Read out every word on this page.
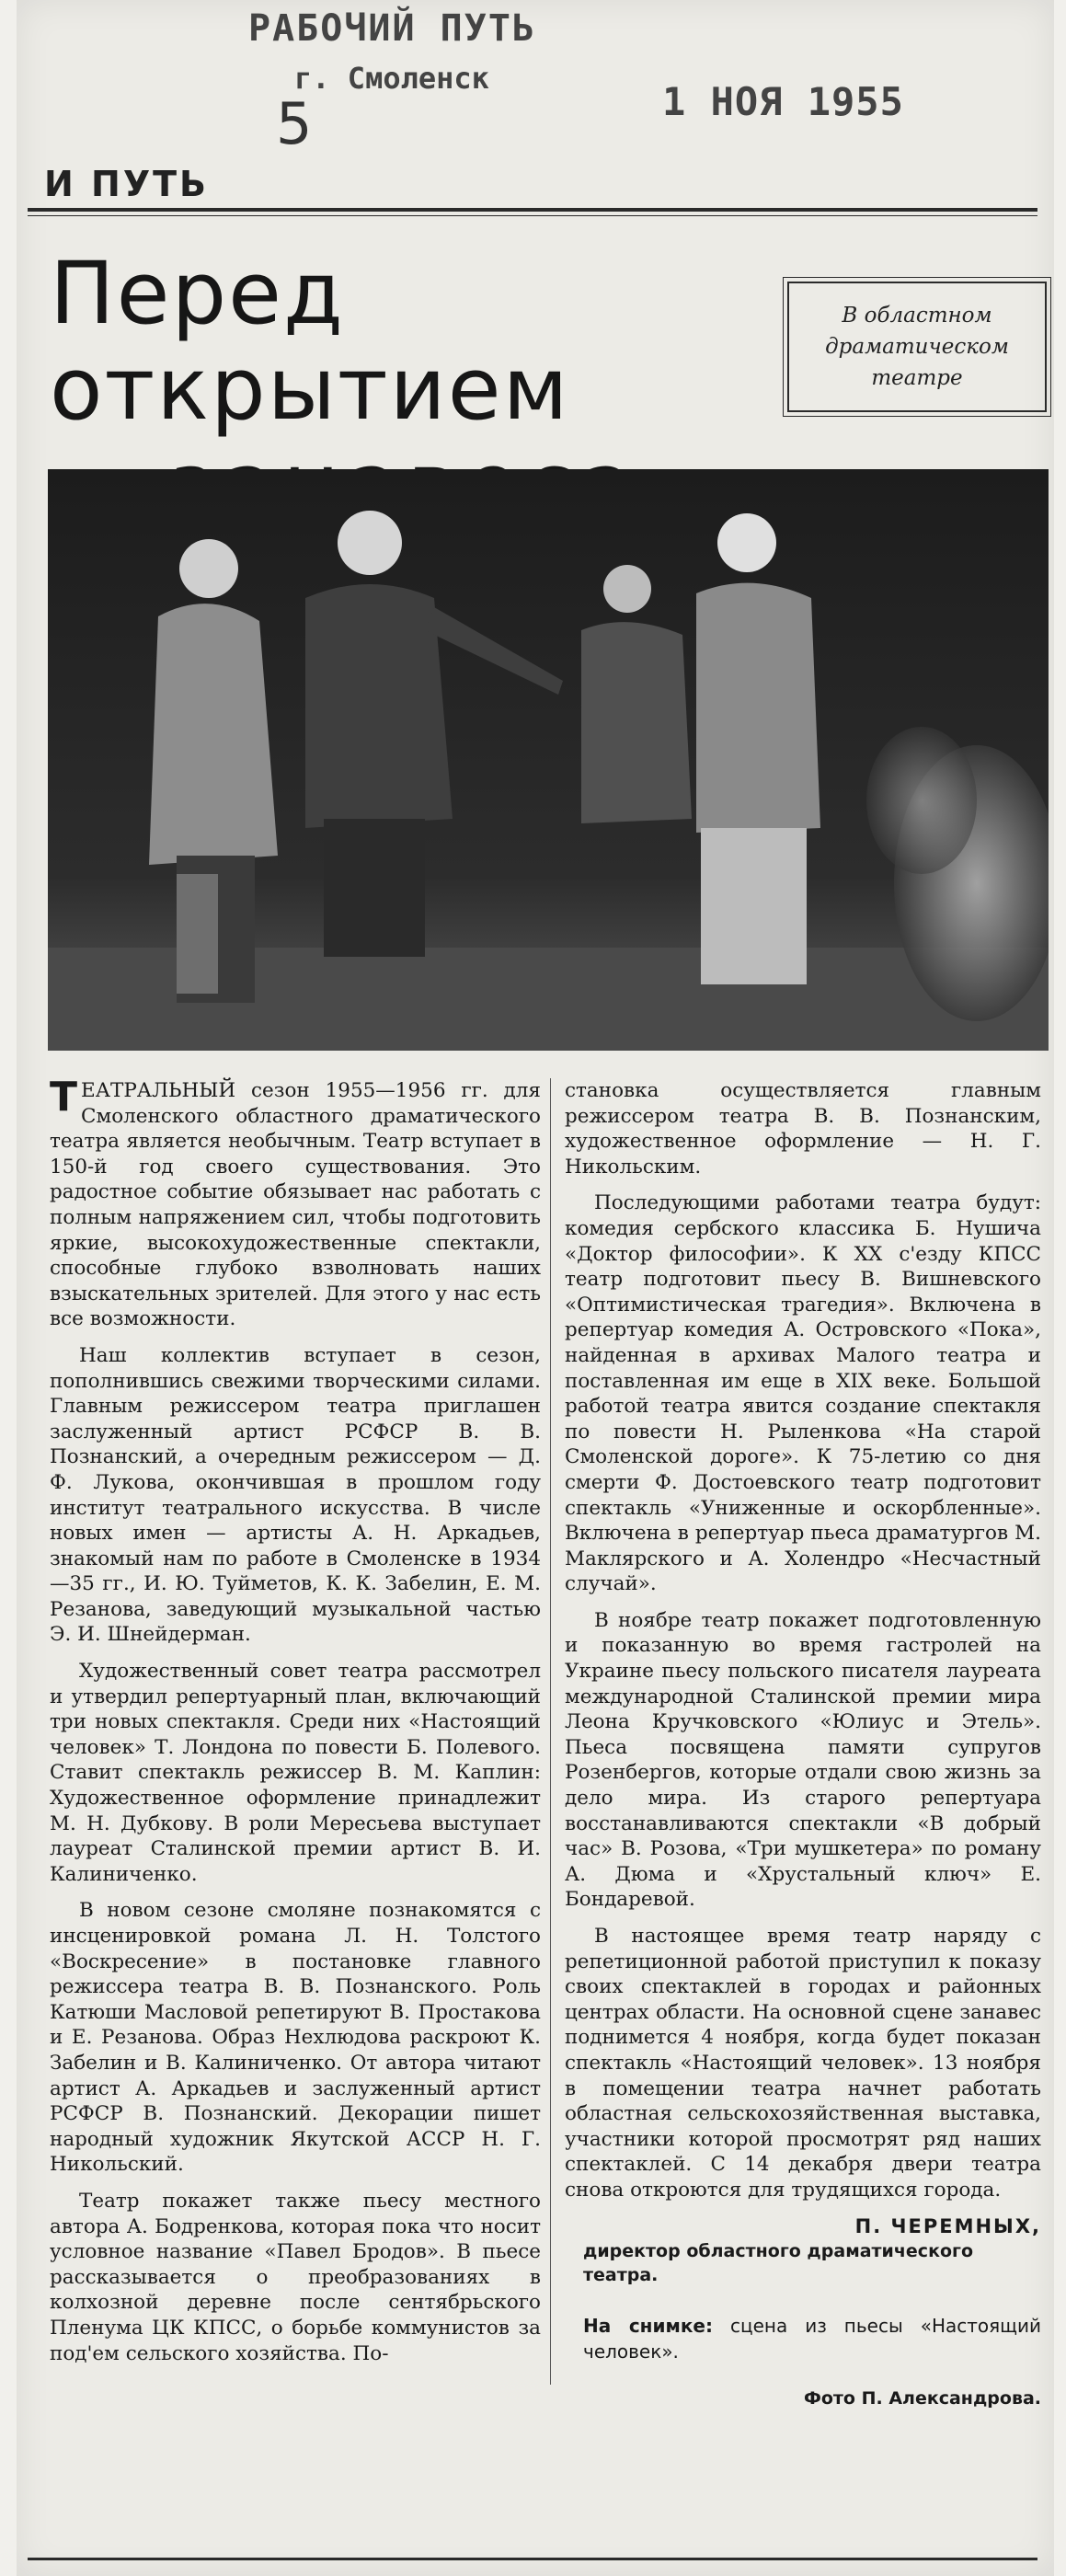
РАБОЧИЙ ПУТЬ
г. Смоленск
1 НОЯ 1955
5
И ПУТЬ
Перед открытием
В областном драматическом театре

ТЕАТРАЛЬНЫЙ сезон 1955—1956 гг. для Смоленского областного драматического театра является необычным. Театр вступает в 150-й год своего существования. Это радостное событие обязывает нас работать с полным напряжением сил, чтобы подготовить яркие, высокохудожественные спектакли, способные глубоко взволновать наших взыскательных зрителей. Для этого у нас есть все возможности.

Наш коллектив вступает в сезон, пополнившись свежими творческими силами. Главным режиссером театра приглашен заслуженный артист РСФСР В. В. Познанский, а очередным режиссером — Д. Ф. Лукова, окончившая в прошлом году институт театрального искусства. В числе новых имен — артисты А. Н. Аркадьев, знакомый нам по работе в Смоленске в 1934—35 гг., И. Ю. Туйметов, К. К. Забелин, Е. М. Резанова, заведующий музыкальной частью Э. И. Шнейдерман.

Художественный совет театра рассмотрел и утвердил репертуарный план, включающий три новых спектакля. Среди них «Настоящий человек» Т. Лондона по повести Б. Полевого. Ставит спектакль режиссер В. М. Каплин: Художественное оформление принадлежит М. Н. Дубкову. В роли Мересьева выступает лауреат Сталинской премии артист В. И. Калиниченко.

В новом сезоне смоляне познакомятся с инсценировкой романа Л. Н. Толстого «Воскресение» в постановке главного режиссера театра В. В. Познанского. Роль Катюши Масловой репетируют В. Простакова и Е. Резанова. Образ Нехлюдова раскроют К. Забелин и В. Калиниченко. От автора читают артист А. Аркадьев и заслуженный артист РСФСР В. Познанский. Декорации пишет народный художник Якутской АССР Н. Г. Никольский.

Театр покажет также пьесу местного автора А. Бодренкова, которая пока что носит условное название «Павел Бродов». В пьесе рассказывается о преобразованиях в колхозной деревне после сентябрьского Пленума ЦК КПСС, о борьбе коммунистов за под'ем сельского хозяйства. По-

становка осуществляется главным режиссером театра В. В. Познанским, художественное оформление — Н. Г. Никольским.

Последующими работами театра будут: комедия сербского классика Б. Нушича «Доктор философии». К XX с'езду КПСС театр подготовит пьесу В. Вишневского «Оптимистическая трагедия». Включена в репертуар комедия А. Островского «Пока», найденная в архивах Малого театра и поставленная им еще в XIX веке. Большой работой театра явится создание спектакля по повести Н. Рыленкова «На старой Смоленской дороге». К 75-летию со дня смерти Ф. Достоевского театр подготовит спектакль «Униженные и оскорбленные». Включена в репертуар пьеса драматургов М. Маклярского и А. Холендро «Несчастный случай».

В ноябре театр покажет подготовленную и показанную во время гастролей на Украине пьесу польского писателя лауреата международной Сталинской премии мира Леона Кручковского «Юлиус и Этель». Пьеса посвящена памяти супругов Розенбергов, которые отдали свою жизнь за дело мира. Из старого репертуара восстанавливаются спектакли «В добрый час» В. Розова, «Три мушкетера» по роману А. Дюма и «Хрустальный ключ» Е. Бондаревой.

В настоящее время театр наряду с репетиционной работой приступил к показу своих спектаклей в городах и районных центрах области. На основной сцене занавес поднимется 4 ноября, когда будет показан спектакль «Настоящий человек». 13 ноября в помещении театра начнет работать областная сельскохозяйственная выставка, участники которой просмотрят ряд наших спектаклей. С 14 декабря двери театра снова откроются для трудящихся города.

П. ЧЕРЕМНЫХ,
директор областного драматического театра.
На снимке: сцена из пьесы «Настоящий человек».
Фото П. Александрова.
